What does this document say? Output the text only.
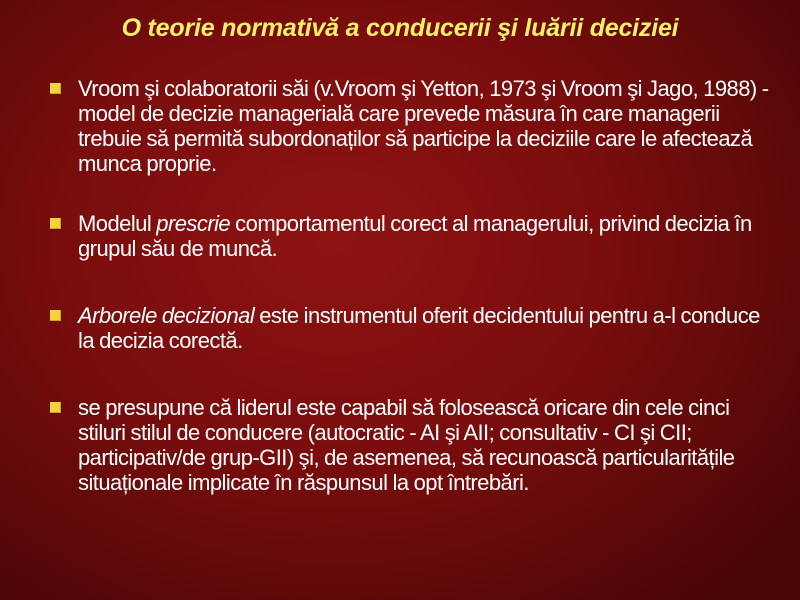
O teorie normativă a conducerii şi luării deciziei
Vroom şi colaboratorii săi (v.Vroom şi Yetton, 1973 şi Vroom şi Jago, 1988) - model de decizie managerială care prevede măsura în care managerii trebuie să permită subordonaților să participe la deciziile care le afectează munca proprie.
Modelul prescrie comportamentul corect al managerului, privind decizia în grupul său de muncă.
Arborele decizional este instrumentul oferit decidentului pentru a-l conduce la decizia corectă.
se presupune că liderul este capabil să folosească oricare din cele cinci stiluri stilul de conducere (autocratic - AI şi AII; consultativ - CI şi CII; participativ/de grup-GII) şi, de asemenea, să recunoască particularitățile situaționale implicate în răspunsul la opt întrebări.
